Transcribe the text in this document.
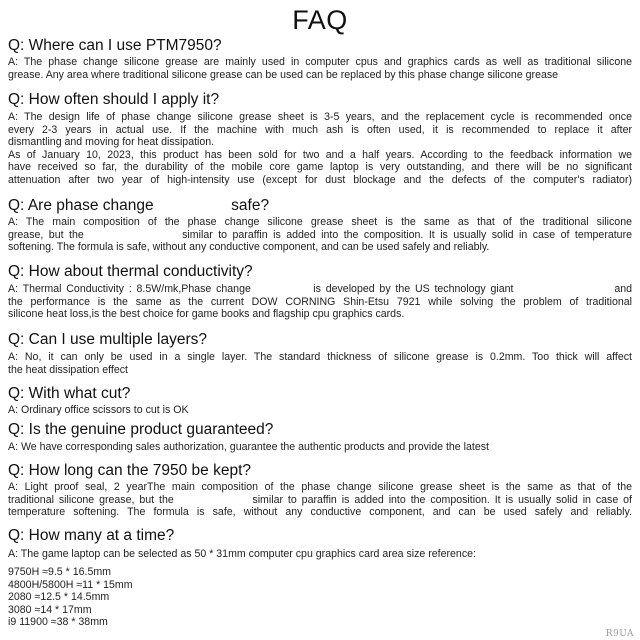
FAQ
Q: Where can I use PTM7950?
A: The phase change silicone grease are mainly used in computer cpus and graphics cards as well as traditional silicone
grease. Any area where traditional silicone grease can be used can be replaced by this phase change silicone grease
Q: How often should I apply it?
A: The design life of phase change silicone grease sheet is 3-5 years, and the replacement cycle is recommended once
every 2-3 years in actual use. If the machine with much ash is often used, it is recommended to replace it after
dismantling and moving for heat dissipation.
As of January 10, 2023, this product has been sold for two and a half years. According to the feedback information we
have received so far, the durability of the mobile core game laptop is very outstanding, and there will be no significant
attenuation after two year of high-intensity use (except for dust blockage and the defects of the computer's radiator)
Q: Are phase change                  safe?
A: The main composition of the phase change silicone grease sheet is the same as that of the traditional silicone
grease, but the                  similar to paraffin is added into the composition. It is usually solid in case of temperature
softening. The formula is safe, without any conductive component, and can be used safely and reliably.
Q: How about thermal conductivity?
A: Thermal Conductivity : 8.5W/mk,Phase change             is developed by the US technology giant                     and
the performance is the same as the current DOW CORNING Shin-Etsu 7921 while solving the problem of traditional
silicone heat loss,is the best choice for game books and flagship cpu graphics cards.
Q: Can I use multiple layers?
A: No, it can only be used in a single layer. The standard thickness of silicone grease is 0.2mm. Too thick will affect
the heat dissipation effect
Q: With what cut?
A: Ordinary office scissors to cut is OK
Q: Is the genuine product guaranteed?
A: We have corresponding sales authorization, guarantee the authentic products and provide the latest
Q: How long can the 7950 be kept?
A: Light proof seal, 2 yearThe main composition of the phase change silicone grease sheet is the same as that of the
traditional silicone grease, but the                similar to paraffin is added into the composition. It is usually solid in case of
temperature softening. The formula is safe, without any conductive component, and can be used safely and reliably.
Q: How many at a time?
A: The game laptop can be selected as 50 * 31mm computer cpu graphics card area size reference:
9750H ≈9.5 * 16.5mm
4800H/5800H ≈11 * 15mm
2080 ≈12.5 * 14.5mm
3080 ≈14 * 17mm
i9 11900 ≈38 * 38mm
R9UA
